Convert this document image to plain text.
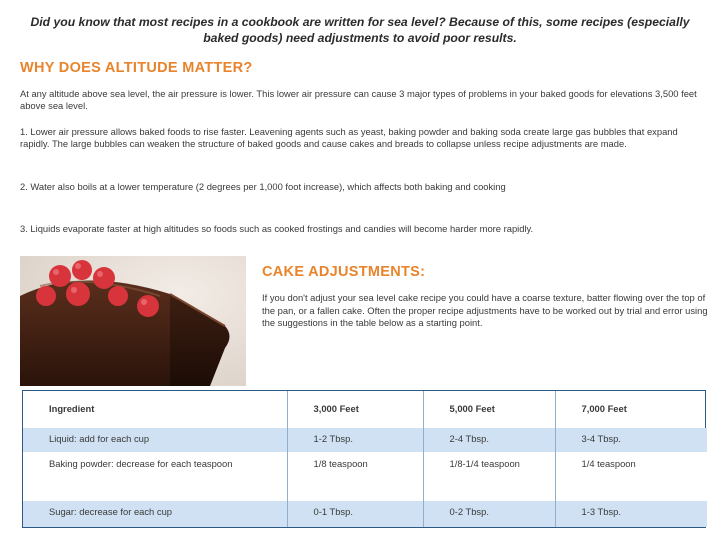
Did you know that most recipes in a cookbook are written for sea level? Because of this, some recipes (especially baked goods) need adjustments to avoid poor results.
WHY DOES ALTITUDE MATTER?

At any altitude above sea level, the air pressure is lower. This lower air pressure can cause 3 major types of problems in your baked goods for elevations 3,500 feet above sea level.

1. Lower air pressure allows baked foods to rise faster. Leavening agents such as yeast, baking powder and baking soda create large gas bubbles that expand rapidly. The large bubbles can weaken the structure of baked goods and cause cakes and breads to collapse unless recipe adjustments are made.

2. Water also boils at a lower temperature (2 degrees per 1,000 foot increase), which affects both baking and cooking

3. Liquids evaporate faster at high altitudes so foods such as cooked frostings and candies will become harder more rapidly.

CAKE ADJUSTMENTS:

If you don't adjust your sea level cake recipe you could have a coarse texture, batter flowing over the top of the pan, or a fallen cake. Often the proper recipe adjustments have to be worked out by trial and error using the suggestions in the table below as a starting point.

Ingredient	3,000 Feet	5,000 Feet	7,000 Feet
Liquid: add for each cup	1-2 Tbsp.	2-4 Tbsp.	3-4 Tbsp.
Baking powder: decrease for each teaspoon	1/8 teaspoon	1/8-1/4 teaspoon	1/4 teaspoon
Sugar: decrease for each cup	0-1 Tbsp.	0-2 Tbsp.	1-3 Tbsp.
